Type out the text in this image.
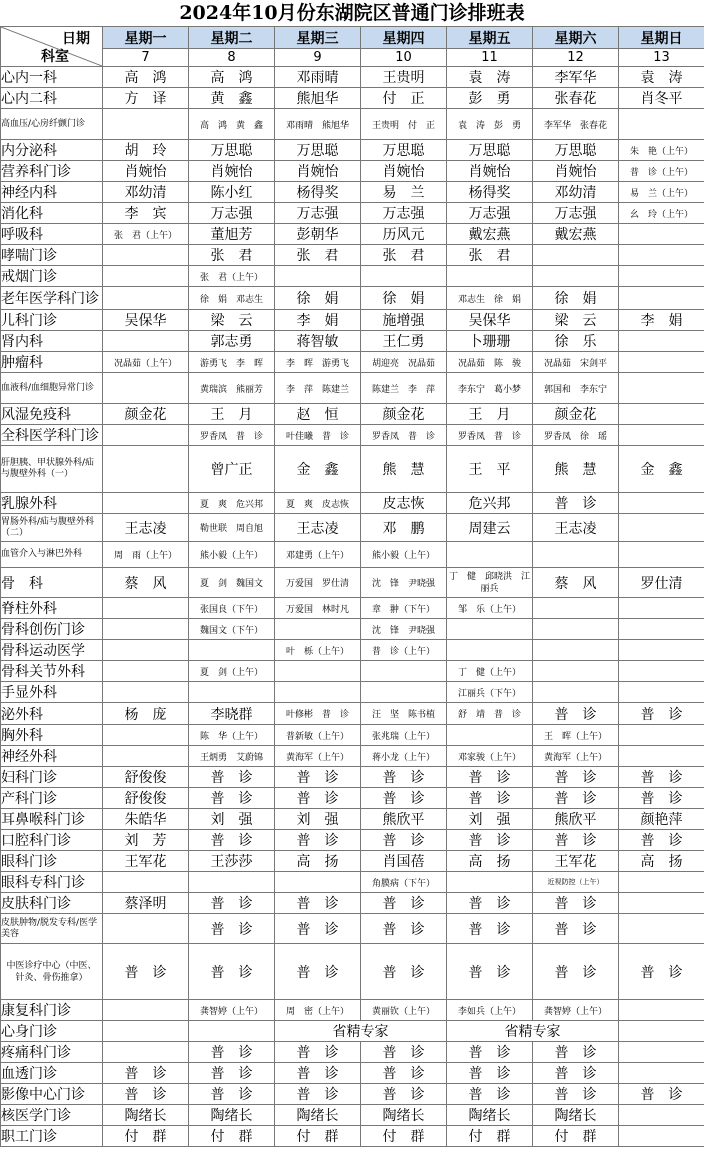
2024年10月份东湖院区普通门诊排班表
日期
科室	星期一	星期二	星期三	星期四	星期五	星期六	星期日
	7	8	9	10	11	12	13
心内一科	高　鸿	高　鸿	邓雨晴	王贵明	袁　涛	李军华	袁　涛
心内二科	方　译	黄　鑫	熊旭华	付　正	彭　勇	张春花	肖冬平
高血压/心房纤颤门诊		高　鸿　黄　鑫	邓雨晴　熊旭华	王贵明　付　正	袁　涛　彭　勇	李军华　张春花	
内分泌科	胡　玲	万思聪	万思聪	万思聪	万思聪	万思聪	朱　艳（上午）
营养科门诊	肖婉怡	肖婉怡	肖婉怡	肖婉怡	肖婉怡	肖婉怡	普　诊（上午）
神经内科	邓幼清	陈小红	杨得奖	易　兰	杨得奖	邓幼清	易　兰（上午）
消化科	李　宾	万志强	万志强	万志强	万志强	万志强	幺　玲（上午）
呼吸科	张　君（上午）	董旭芳	彭朝华	历风元	戴宏燕	戴宏燕	
哮喘门诊		张　君	张　君	张　君	张　君		
戒烟门诊		张　君（上午）					
老年医学科门诊		徐　娟　邓志生	徐　娟	徐　娟	邓志生　徐　娟	徐　娟	
儿科门诊	吴保华	梁　云	李　娟	施增强	吴保华	梁　云	李　娟
肾内科		郭志勇	蒋智敏	王仁勇	卜珊珊	徐　乐	
肿瘤科	况晶茹（上午）	游勇飞　李　晖	李　晖　游勇飞	胡迎亮　况晶茹	况晶茹　陈　骏	况晶茹　宋剑平	
血液科/血细胞异常门诊		黄瑞滨　熊丽芳	李　萍　陈建兰	陈建兰　李　萍	李东宁　葛小梦	郭国和　李东宁	
风湿免疫科	颜金花	王　月	赵　恒	颜金花	王　月	颜金花	
全科医学科门诊		罗香凤　普　诊	叶佳曦　普　诊	罗香凤　普　诊	罗香凤　普　诊	罗香凤　徐　瑶	
肝胆胰、甲状腺外科/疝与腹壁外科（一）		曾广正	金　鑫	熊　慧	王　平	熊　慧	金　鑫
乳腺外科		夏　爽　危兴邦	夏　爽　皮志恢	皮志恢	危兴邦	普　诊	
胃肠外科/疝与腹壁外科（二）	王志凌	勒世联　周自旭	王志凌	邓　鹏	周建云	王志凌	
血管介入与淋巴外科	周　雨（上午）	熊小毅（上午）	邓建勇（上午）	熊小毅（上午）			
骨　科	蔡　风	夏　剑　魏国文	万爱国　罗仕清	沈　锋　尹晓强	丁　健　邱晓洪　江丽兵	蔡　风	罗仕清
脊柱外科		张国良（下午）	万爱国　林时凡	章　翀（下午）	邹　乐（上午）		
骨科创伤门诊		魏国文（下午）		沈　锋　尹晓强			
骨科运动医学			叶　栎（上午）	普　诊（上午）			
骨科关节外科		夏　剑（上午）			丁　健（上午）		
手显外科					江丽兵（下午）		
泌外科	杨　庞	李晓群	叶修彬　普　诊	汪　坚　陈书植	舒　靖　普　诊	普　诊	普　诊
胸外科		陈　华（上午）	普新敏（上午）	张兆瑞（上午）		王　晖（上午）	
神经外科		王炳勇　艾蔚锦	黄海军（上午）	蒋小龙（上午）	邓家骏（上午）	黄海军（上午）	
妇科门诊	舒俊俊	普　诊	普　诊	普　诊	普　诊	普　诊	普　诊
产科门诊	舒俊俊	普　诊	普　诊	普　诊	普　诊	普　诊	普　诊
耳鼻喉科门诊	朱皓华	刘　强	刘　强	熊欣平	刘　强	熊欣平	颜艳萍
口腔科门诊	刘　芳	普　诊	普　诊	普　诊	普　诊	普　诊	普　诊
眼科门诊	王军花	王莎莎	高　扬	肖国蓓	高　扬	王军花	高　扬
眼科专科门诊				角膜病（下午）		近视防控（上午）	
皮肤科门诊	蔡泽明	普　诊	普　诊	普　诊	普　诊	普　诊	
皮肤肿物/脱发专科/医学美容		普　诊	普　诊	普　诊	普　诊	普　诊	
中医诊疗中心（中医、针灸、骨伤推拿）	普　诊	普　诊	普　诊	普　诊	普　诊	普　诊	普　诊
康复科门诊		龚智婷（上午）	周　密（上午）	黄丽钦（上午）	李如兵（上午）	龚智婷（上午）	
心身门诊			省精专家		省精专家		
疼痛科门诊		普　诊	普　诊	普　诊	普　诊	普　诊	
血透门诊	普　诊	普　诊	普　诊	普　诊	普　诊	普　诊	
影像中心门诊	普　诊	普　诊	普　诊	普　诊	普　诊	普　诊	普　诊
核医学门诊	陶绪长	陶绪长	陶绪长	陶绪长	陶绪长	陶绪长	
职工门诊	付　群	付　群	付　群	付　群	付　群	付　群	
